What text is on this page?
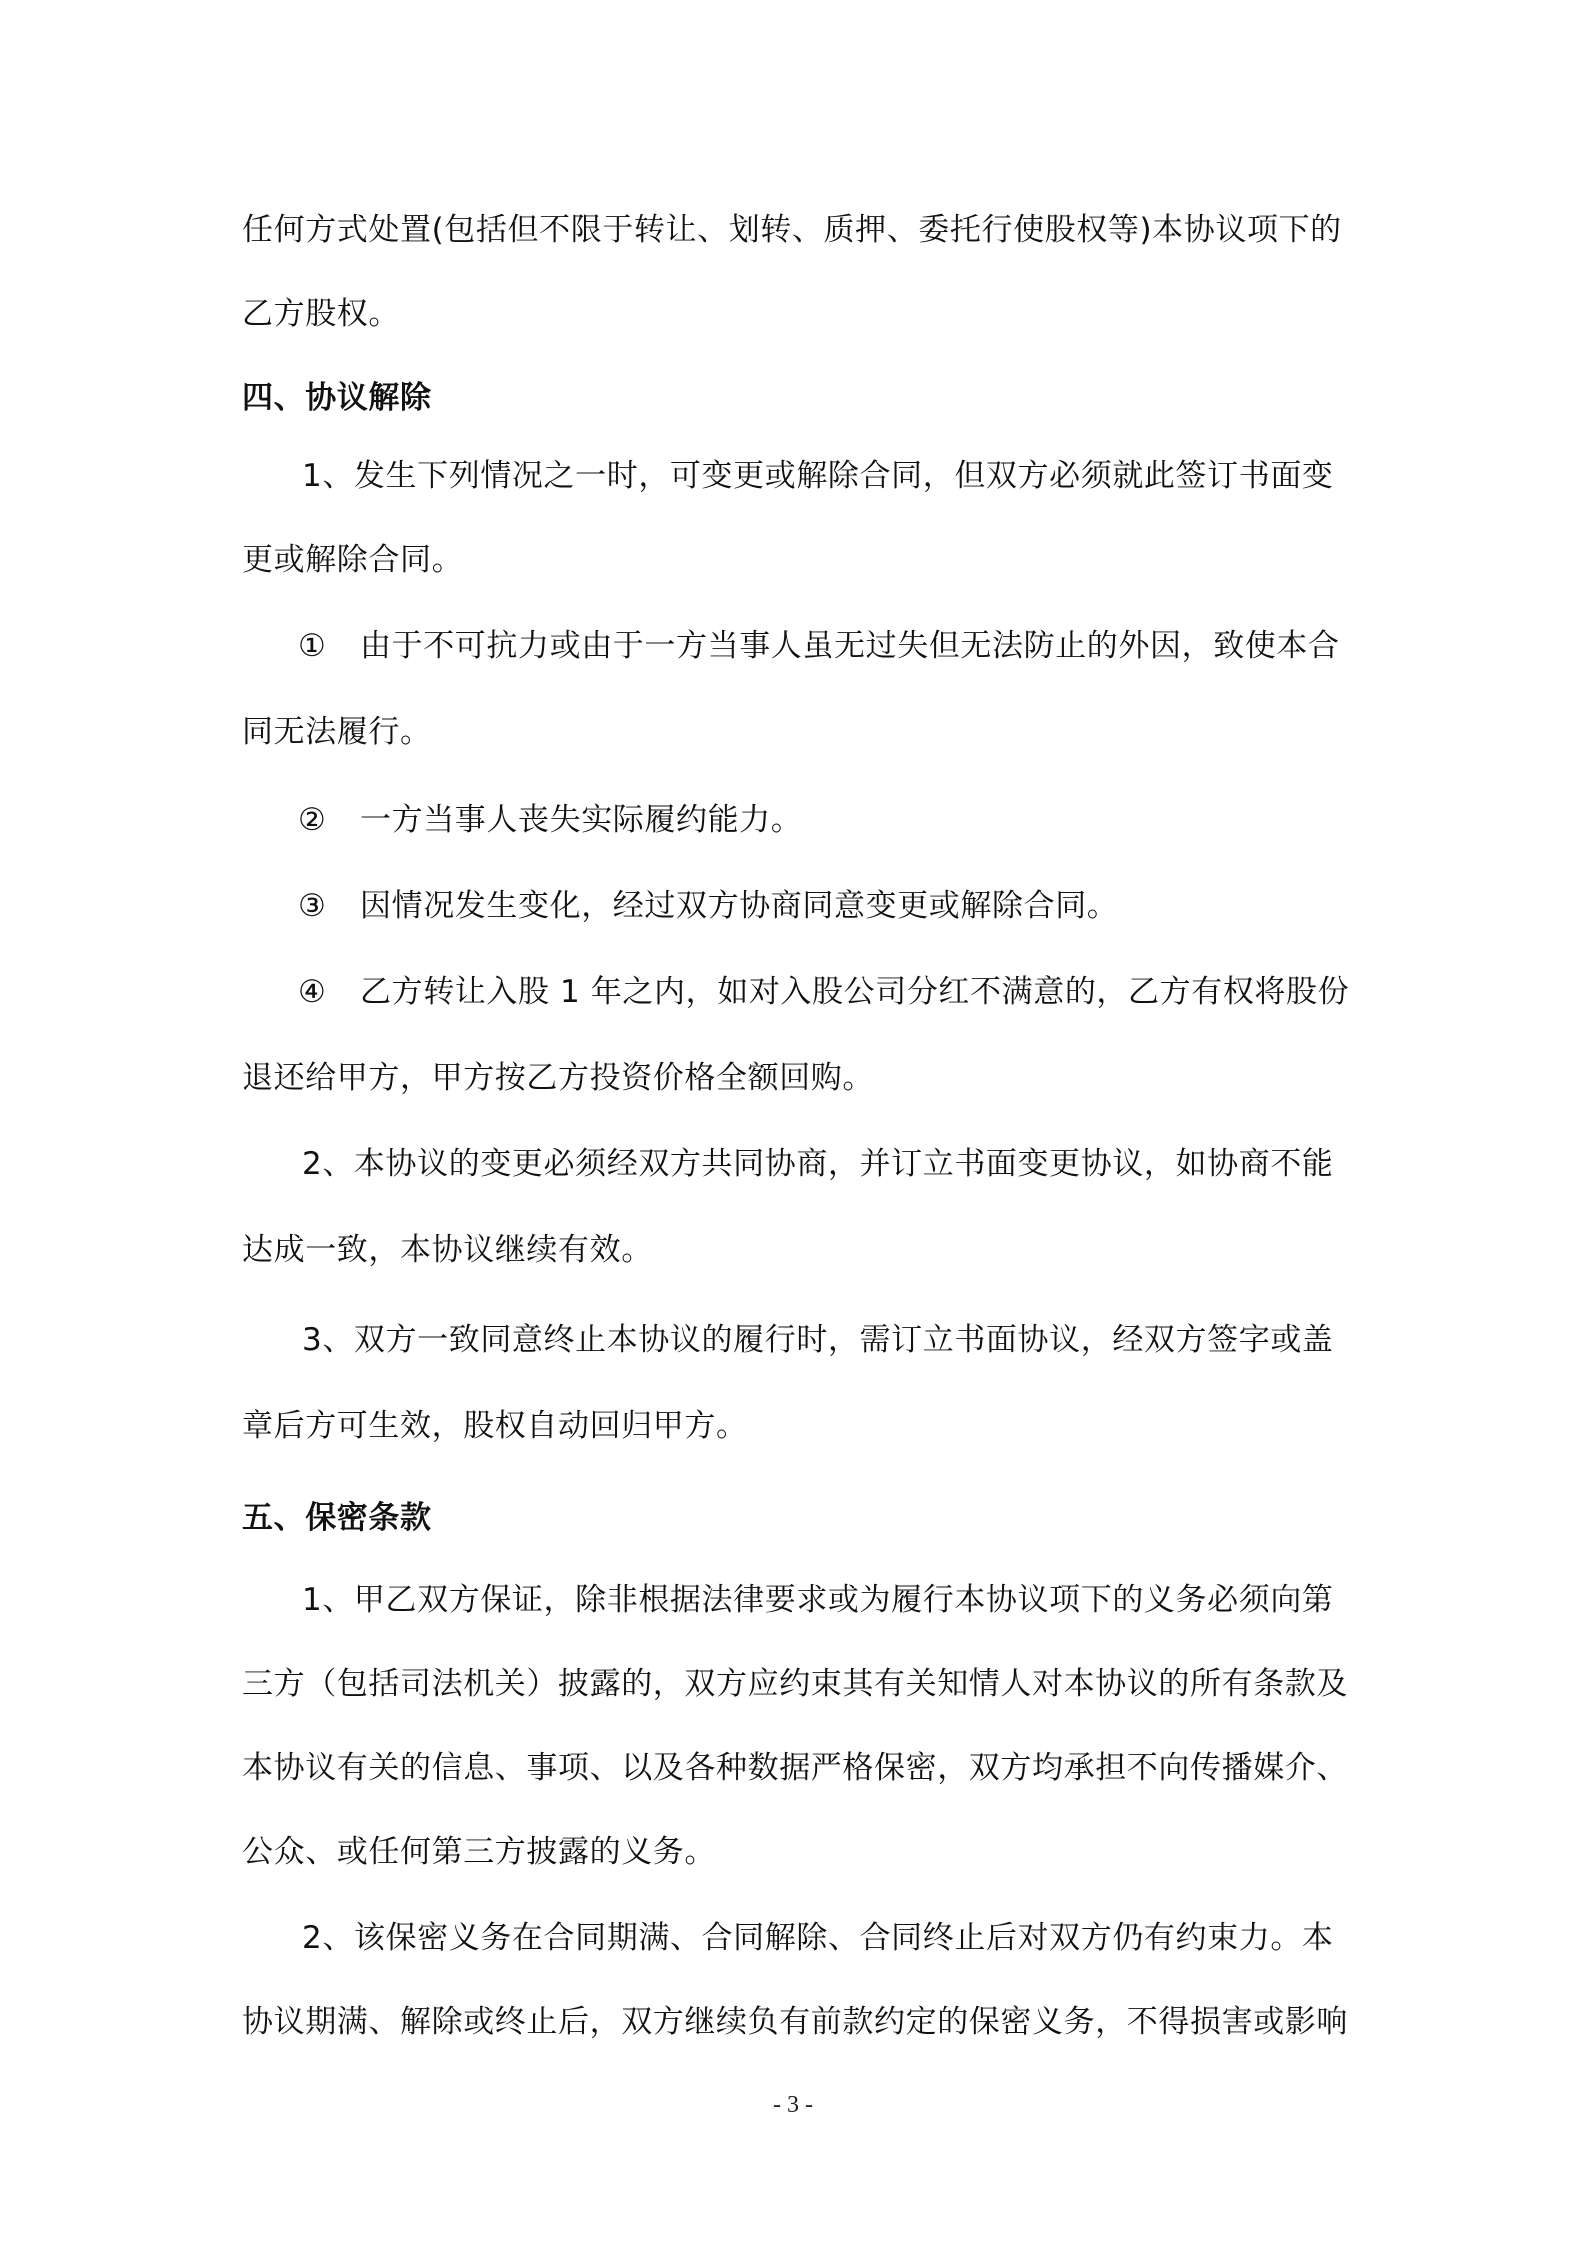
任何方式处置(包括但不限于转让、划转、质押、委托行使股权等)本协议项下的
乙方股权。
四、协议解除
1、发生下列情况之一时，可变更或解除合同，但双方必须就此签订书面变
更或解除合同。
① 由于不可抗力或由于一方当事人虽无过失但无法防止的外因，致使本合
同无法履行。
② 一方当事人丧失实际履约能力。
③ 因情况发生变化，经过双方协商同意变更或解除合同。
④ 乙方转让入股 1 年之内，如对入股公司分红不满意的，乙方有权将股份
退还给甲方，甲方按乙方投资价格全额回购。
2、本协议的变更必须经双方共同协商，并订立书面变更协议，如协商不能
达成一致，本协议继续有效。
3、双方一致同意终止本协议的履行时，需订立书面协议，经双方签字或盖
章后方可生效，股权自动回归甲方。
五、保密条款
1、甲乙双方保证，除非根据法律要求或为履行本协议项下的义务必须向第
三方（包括司法机关）披露的，双方应约束其有关知情人对本协议的所有条款及
本协议有关的信息、事项、以及各种数据严格保密，双方均承担不向传播媒介、
公众、或任何第三方披露的义务。
2、该保密义务在合同期满、合同解除、合同终止后对双方仍有约束力。本
协议期满、解除或终止后，双方继续负有前款约定的保密义务，不得损害或影响
- 3 -
